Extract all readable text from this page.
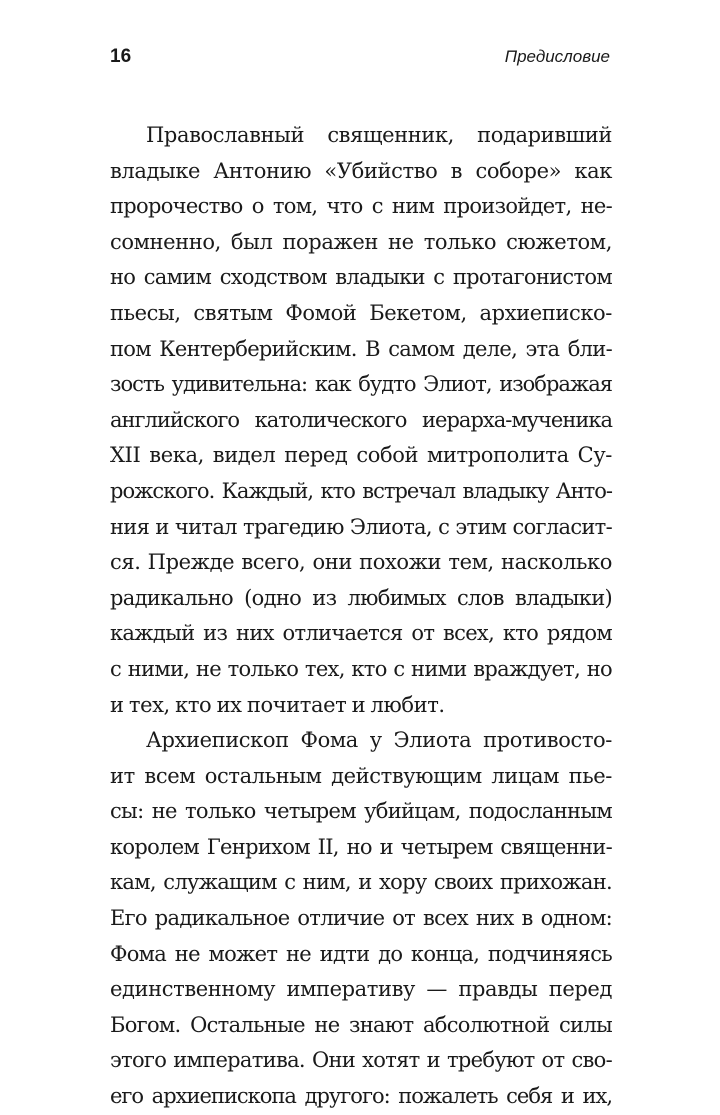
16	Предисловие
Православный священник, подаривший
владыке Антонию «Убийство в соборе» как
пророчество о том, что с ним произойдет, не-
сомненно, был поражен не только сюжетом,
но самим сходством владыки с протагонистом
пьесы, святым Фомой Бекетом, архиеписко-
пом Кентерберийским. В самом деле, эта бли-
зость удивительна: как будто Элиот, изображая
английского католического иерарха-мученика
XII века, видел перед собой митрополита Су-
рожского. Каждый, кто встречал владыку Анто-
ния и читал трагедию Элиота, с этим согласит-
ся. Прежде всего, они похожи тем, насколько
радикально (одно из любимых слов владыки)
каждый из них отличается от всех, кто рядом
с ними, не только тех, кто с ними враждует, но
и тех, кто их почитает и любит.
Архиепископ Фома у Элиота противосто-
ит всем остальным действующим лицам пье-
сы: не только четырем убийцам, подосланным
королем Генрихом II, но и четырем священни-
кам, служащим с ним, и хору своих прихожан.
Его радикальное отличие от всех них в одном:
Фома не может не идти до конца, подчиняясь
единственному императиву — правды перед
Богом. Остальные не знают абсолютной силы
этого императива. Они хотят и требуют от сво-
его архиепископа другого: пожалеть себя и их,
